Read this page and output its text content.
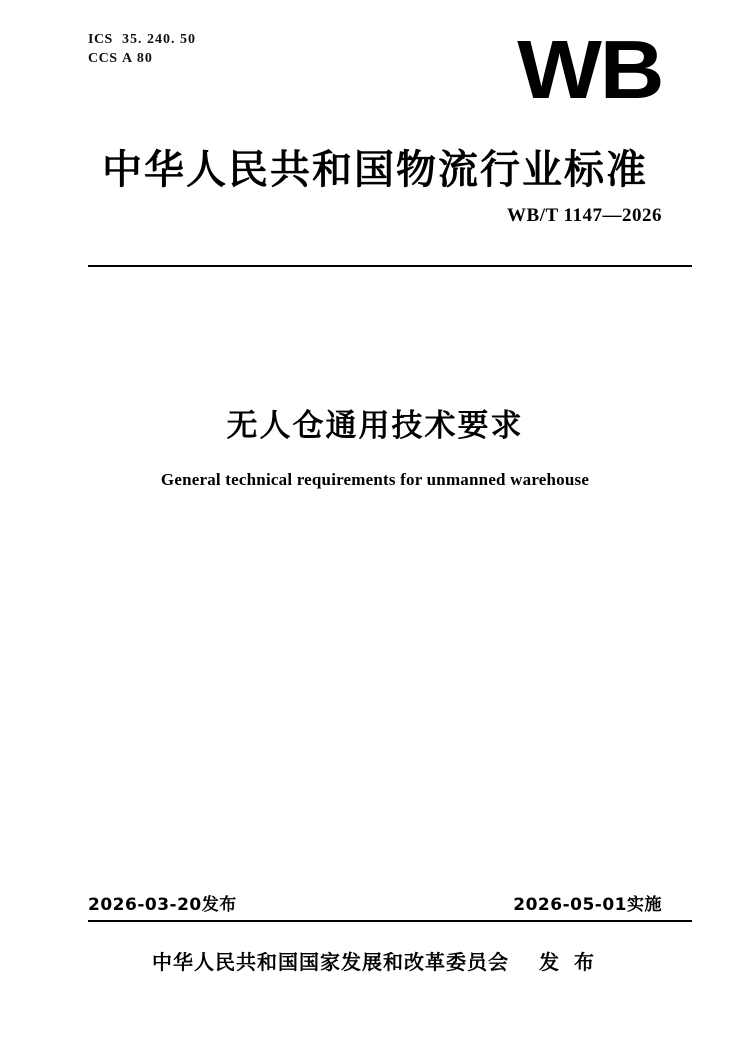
ICS 35. 240. 50
CCS A 80	WB
中华人民共和国物流行业标准
WB/T 1147—2026
无人仓通用技术要求
General technical requirements for unmanned warehouse
2026-03-20发布	2026-05-01实施
中华人民共和国国家发展和改革委员会 发 布
